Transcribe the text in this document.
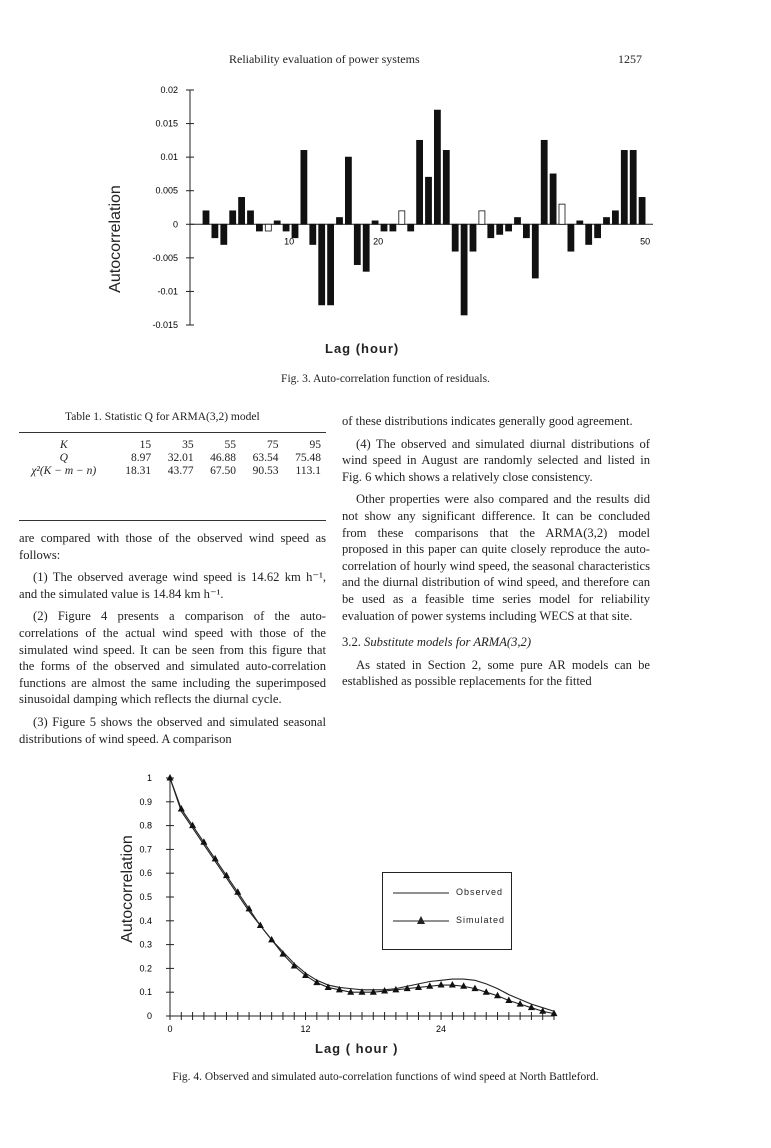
Reliability evaluation of power systems	1257
Autocorrelation
0.02
0.015
0.01
0.005
0
-0.005
-0.01
-0.015
10	20	50
Lag (hour)
Fig. 3. Auto-correlation function of residuals.
Table 1. Statistic Q for ARMA(3,2) model
K	15	35	55	75	95
Q	8.97	32.01	46.88	63.54	75.48
χ²(K − m − n)	18.31	43.77	67.50	90.53	113.1

are compared with those of the observed wind speed as follows:

(1) The observed average wind speed is 14.62 km h⁻¹, and the simulated value is 14.84 km h⁻¹.

(2) Figure 4 presents a comparison of the auto-correlations of the actual wind speed with those of the simulated wind speed. It can be seen from this figure that the forms of the observed and simulated auto-correlation functions are almost the same including the superimposed sinusoidal damping which reflects the diurnal cycle.

(3) Figure 5 shows the observed and simulated seasonal distributions of wind speed. A comparison

of these distributions indicates generally good agreement.

(4) The observed and simulated diurnal distributions of wind speed in August are randomly selected and listed in Fig. 6 which shows a relatively close consistency.

Other properties were also compared and the results did not show any significant difference. It can be concluded from these comparisons that the ARMA(3,2) model proposed in this paper can quite closely reproduce the auto-correlation of hourly wind speed, the seasonal characteristics and the diurnal distribution of wind speed, and therefore can be used as a feasible time series model for reliability evaluation of power systems including WECS at that site.

3.2. Substitute models for ARMA(3,2)

As stated in Section 2, some pure AR models can be established as possible replacements for the fitted

Autocorrelation
1
0.9
0.8
0.7
0.6
0.5
0.4
0.3
0.2
0.1
0
0	12	24
Observed
Simulated
Lag ( hour )
Fig. 4. Observed and simulated auto-correlation functions of wind speed at North Battleford.
